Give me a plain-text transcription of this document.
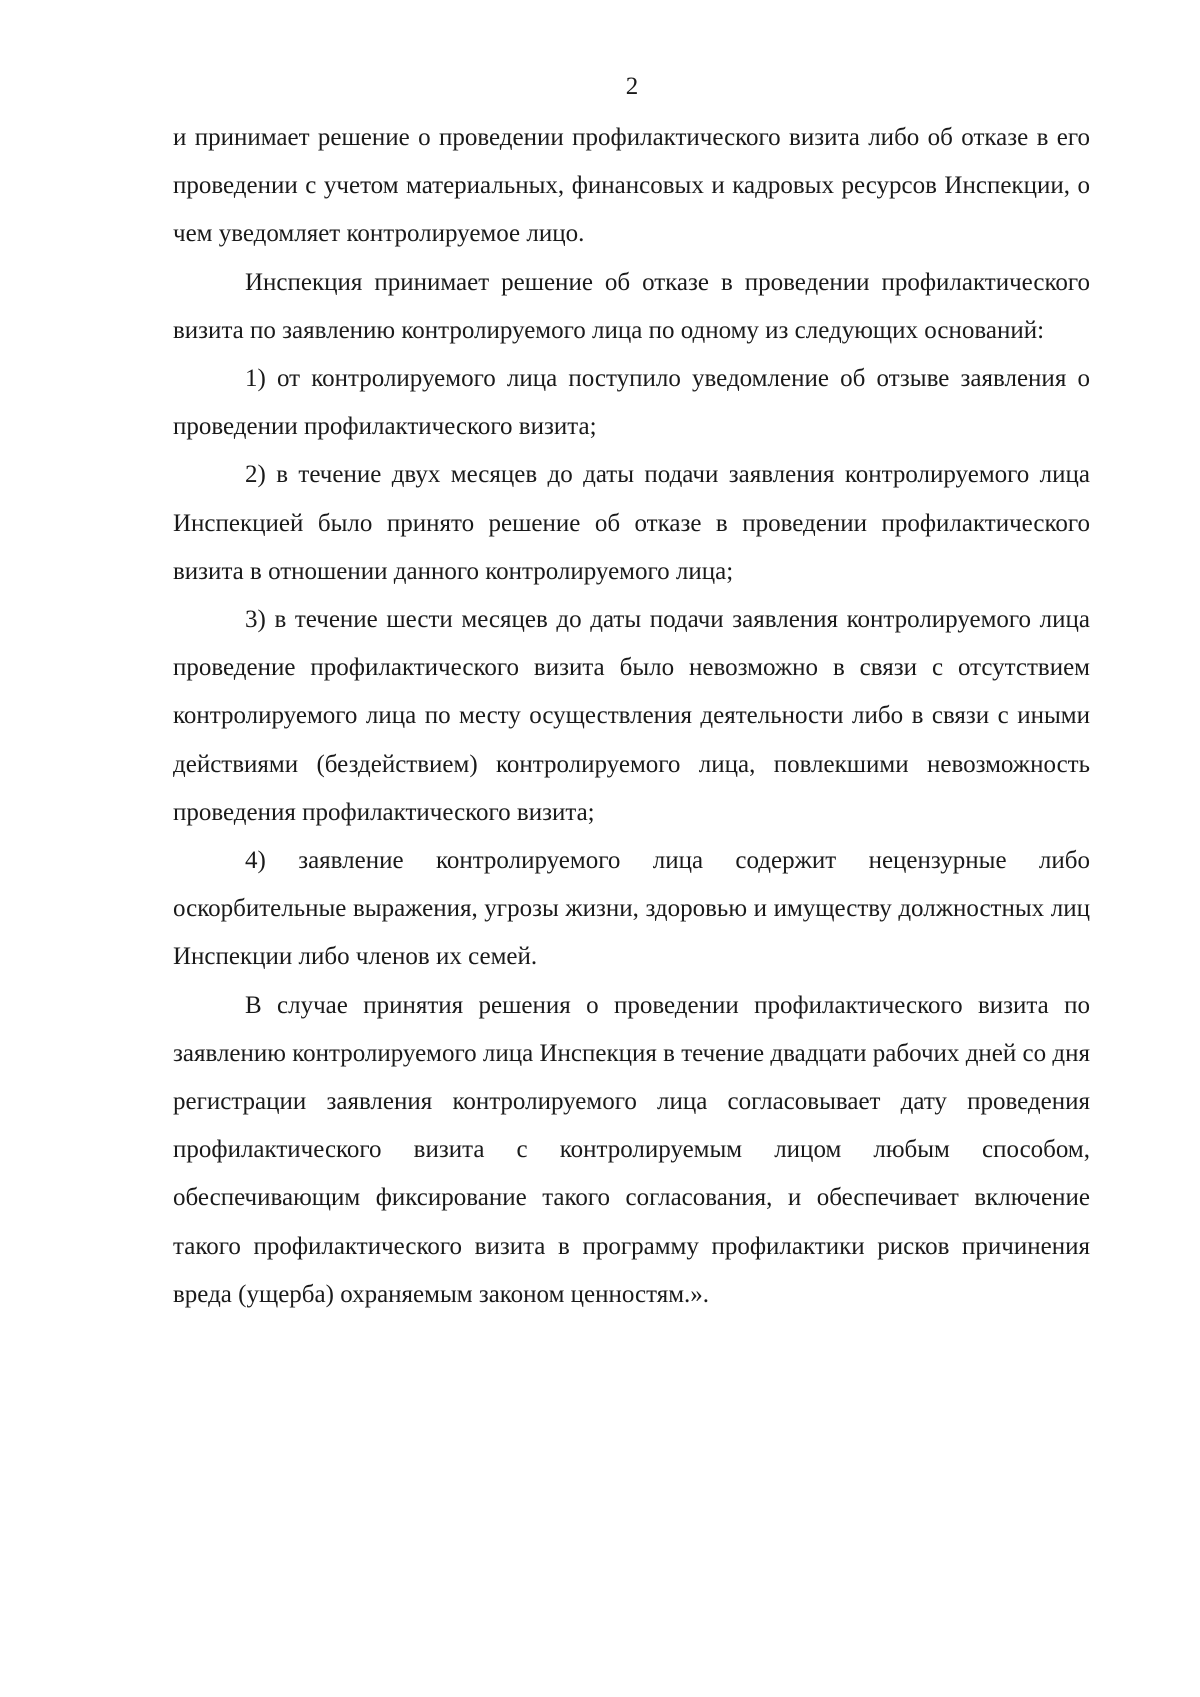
2

и принимает решение о проведении профилактического визита либо об отказе в его проведении с учетом материальных, финансовых и кадровых ресурсов Инспекции, о чем уведомляет контролируемое лицо.

Инспекция принимает решение об отказе в проведении профилактического визита по заявлению контролируемого лица по одному из следующих оснований:

1) от контролируемого лица поступило уведомление об отзыве заявления о проведении профилактического визита;

2) в течение двух месяцев до даты подачи заявления контролируемого лица Инспекцией было принято решение об отказе в проведении профилактического визита в отношении данного контролируемого лица;

3) в течение шести месяцев до даты подачи заявления контролируемого лица проведение профилактического визита было невозможно в связи с отсутствием контролируемого лица по месту осуществления деятельности либо в связи с иными действиями (бездействием) контролируемого лица, повлекшими невозможность проведения профилактического визита;

4) заявление контролируемого лица содержит нецензурные либо оскорбительные выражения, угрозы жизни, здоровью и имуществу должностных лиц Инспекции либо членов их семей.

В случае принятия решения о проведении профилактического визита по заявлению контролируемого лица Инспекция в течение двадцати рабочих дней со дня регистрации заявления контролируемого лица согласовывает дату проведения профилактического визита с контролируемым лицом любым способом, обеспечивающим фиксирование такого согласования, и обеспечивает включение такого профилактического визита в программу профилактики рисков причинения вреда (ущерба) охраняемым законом ценностям.».
